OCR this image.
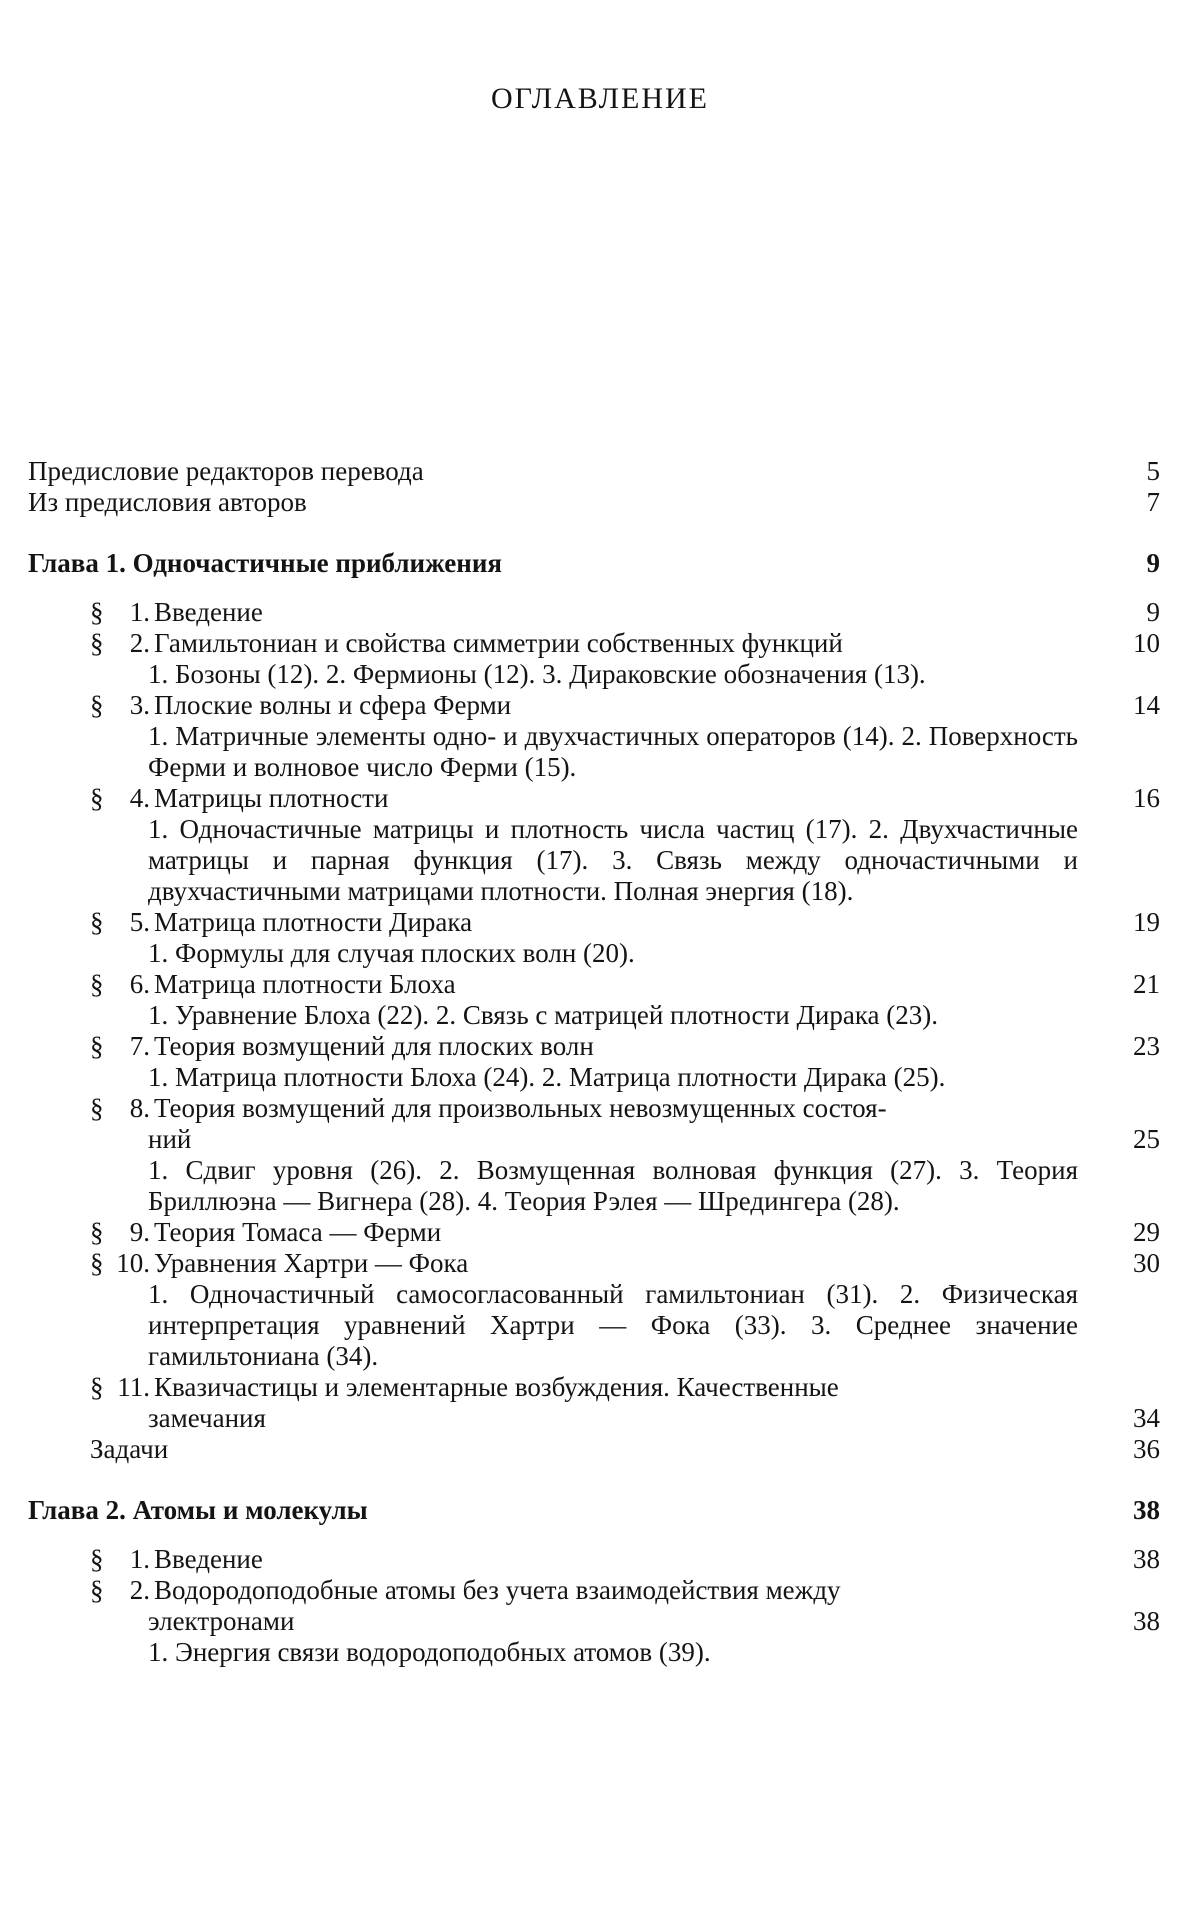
ОГЛАВЛЕНИЕ
Предисловие редакторов перевода	5
Из предисловия авторов	7
Глава 1. Одночастичные приближения	9
§ 1. Введение	9
§ 2. Гамильтониан и свойства симметрии собственных функций	10
1. Бозоны (12). 2. Фермионы (12). 3. Дираковские обозначения (13).
§ 3. Плоские волны и сфера Ферми	14
1. Матричные элементы одно- и двухчастичных операторов (14). 2. Поверхность Ферми и волновое число Ферми (15).
§ 4. Матрицы плотности	16
1. Одночастичные матрицы и плотность числа частиц (17). 2. Двухчастичные матрицы и парная функция (17). 3. Связь между одночастичными и двухчастичными матрицами плотности. Полная энергия (18).
§ 5. Матрица плотности Дирака	19
1. Формулы для случая плоских волн (20).
§ 6. Матрица плотности Блоха	21
1. Уравнение Блоха (22). 2. Связь с матрицей плотности Дирака (23).
§ 7. Теория возмущений для плоских волн	23
1. Матрица плотности Блоха (24). 2. Матрица плотности Дирака (25).
§ 8. Теория возмущений для произвольных невозмущенных состоя-
ний	25
1. Сдвиг уровня (26). 2. Возмущенная волновая функция (27). 3. Теория Бриллюэна — Вигнера (28). 4. Теория Рэлея — Шредингера (28).
§ 9. Теория Томаса — Ферми	29
§ 10. Уравнения Хартри — Фока	30
1. Одночастичный самосогласованный гамильтониан (31). 2. Физическая интерпретация уравнений Хартри — Фока (33). 3. Среднее значение гамильтониана (34).
§ 11. Квазичастицы и элементарные возбуждения. Качественные
замечания	34
Задачи	36
Глава 2. Атомы и молекулы	38
§ 1. Введение	38
§ 2. Водородоподобные атомы без учета взаимодействия между
электронами	38
1. Энергия связи водородоподобных атомов (39).
